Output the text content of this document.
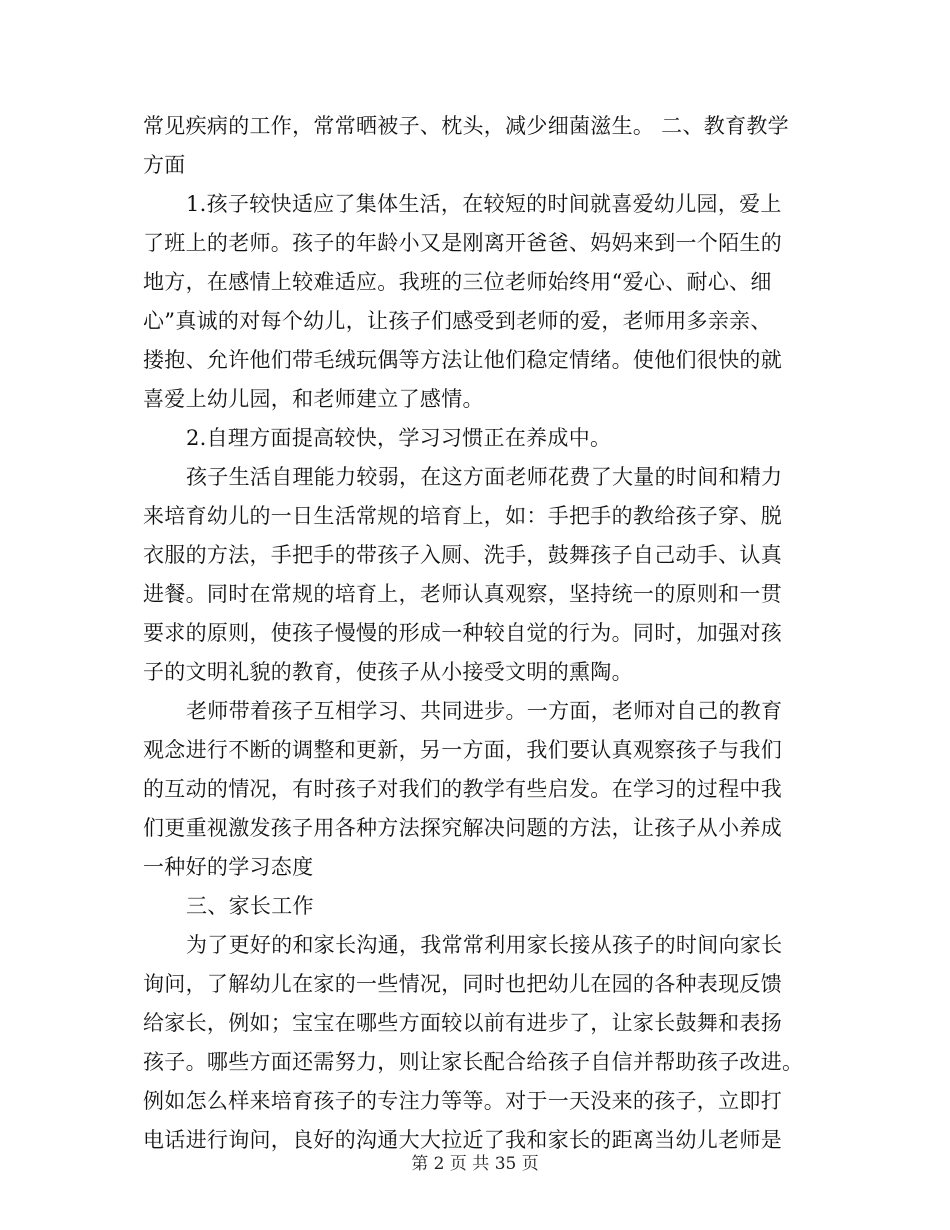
常见疾病的工作，常常晒被子、枕头，减少细菌滋生。 二、教育教学
方面
1.孩子较快适应了集体生活，在较短的时间就喜爱幼儿园，爱上
了班上的老师。孩子的年龄小又是刚离开爸爸、妈妈来到一个陌生的
地方，在感情上较难适应。我班的三位老师始终用“爱心、耐心、细
心”真诚的对每个幼儿，让孩子们感受到老师的爱，老师用多亲亲、
搂抱、允许他们带毛绒玩偶等方法让他们稳定情绪。使他们很快的就
喜爱上幼儿园，和老师建立了感情。
2.自理方面提高较快，学习习惯正在养成中。
孩子生活自理能力较弱，在这方面老师花费了大量的时间和精力
来培育幼儿的一日生活常规的培育上，如：手把手的教给孩子穿、脱
衣服的方法，手把手的带孩子入厕、洗手，鼓舞孩子自己动手、认真
进餐。同时在常规的培育上，老师认真观察，坚持统一的原则和一贯
要求的原则，使孩子慢慢的形成一种较自觉的行为。同时，加强对孩
子的文明礼貌的教育，使孩子从小接受文明的熏陶。
老师带着孩子互相学习、共同进步。一方面，老师对自己的教育
观念进行不断的调整和更新，另一方面，我们要认真观察孩子与我们
的互动的情况，有时孩子对我们的教学有些启发。在学习的过程中我
们更重视激发孩子用各种方法探究解决问题的方法，让孩子从小养成
一种好的学习态度
三、家长工作
为了更好的和家长沟通，我常常利用家长接从孩子的时间向家长
询问，了解幼儿在家的一些情况，同时也把幼儿在园的各种表现反馈
给家长，例如；宝宝在哪些方面较以前有进步了，让家长鼓舞和表扬
孩子。哪些方面还需努力，则让家长配合给孩子自信并帮助孩子改进。
例如怎么样来培育孩子的专注力等等。对于一天没来的孩子，立即打
电话进行询问，良好的沟通大大拉近了我和家长的距离当幼儿老师是
第 2 页 共 35 页
